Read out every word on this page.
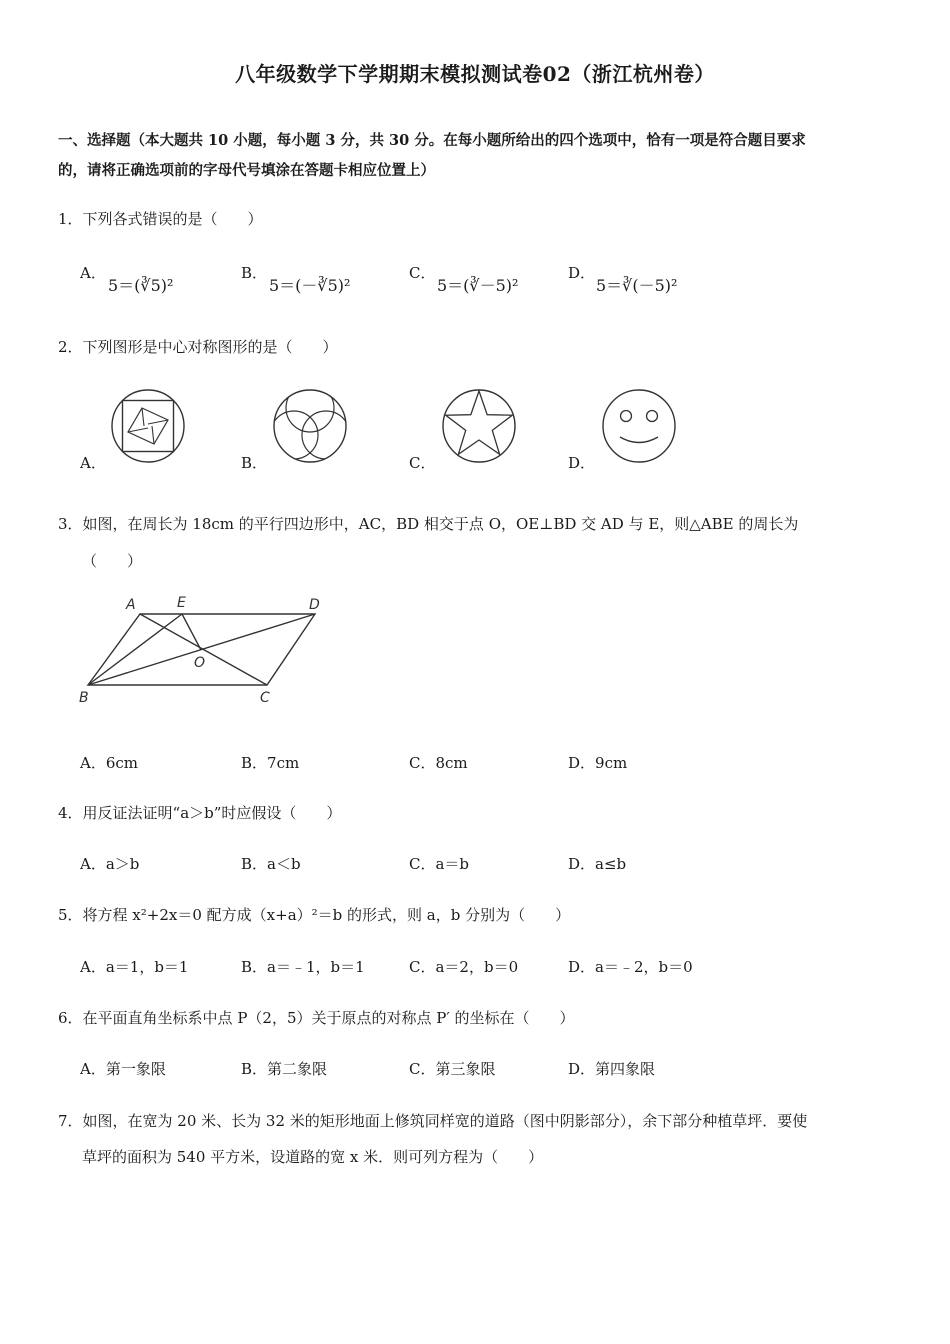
八年级数学下学期期末模拟测试卷02（浙江杭州卷）
一、选择题（本大题共 10 小题，每小题 3 分，共 30 分。在每小题所给出的四个选项中，恰有一项是符合题目要求
的，请将正确选项前的字母代号填涂在答题卡相应位置上）
1．下列各式错误的是（　　）
A．
5＝(∛5)²
B．
5＝(－∛5)²
C．
5＝(∛－5)²
D．
5＝∛(－5)²
2．下列图形是中心对称图形的是（　　）
A．	B．	C．	D．
3．如图，在周长为 18cm 的平行四边形中，AC，BD 相交于点 O，OE⊥BD 交 AD 与 E，则△ABE 的周长为
（　　）
A	E	D
O
B	C
A．6cm	B．7cm	C．8cm	D．9cm
4．用反证法证明“a＞b”时应假设（　　）
A．a＞b	B．a＜b	C．a＝b	D．a≤b
5．将方程 x²+2x＝0 配方成（x+a）²＝b 的形式，则 a，b 分别为（　　）
A．a＝1，b＝1	B．a＝﹣1，b＝1	C．a＝2，b＝0	D．a＝﹣2，b＝0
6．在平面直角坐标系中点 P（2，5）关于原点的对称点 P′ 的坐标在（　　）
A．第一象限	B．第二象限	C．第三象限	D．第四象限
7．如图，在宽为 20 米、长为 32 米的矩形地面上修筑同样宽的道路（图中阴影部分），余下部分种植草坪．要使
草坪的面积为 540 平方米，设道路的宽 x 米．则可列方程为（　　）
